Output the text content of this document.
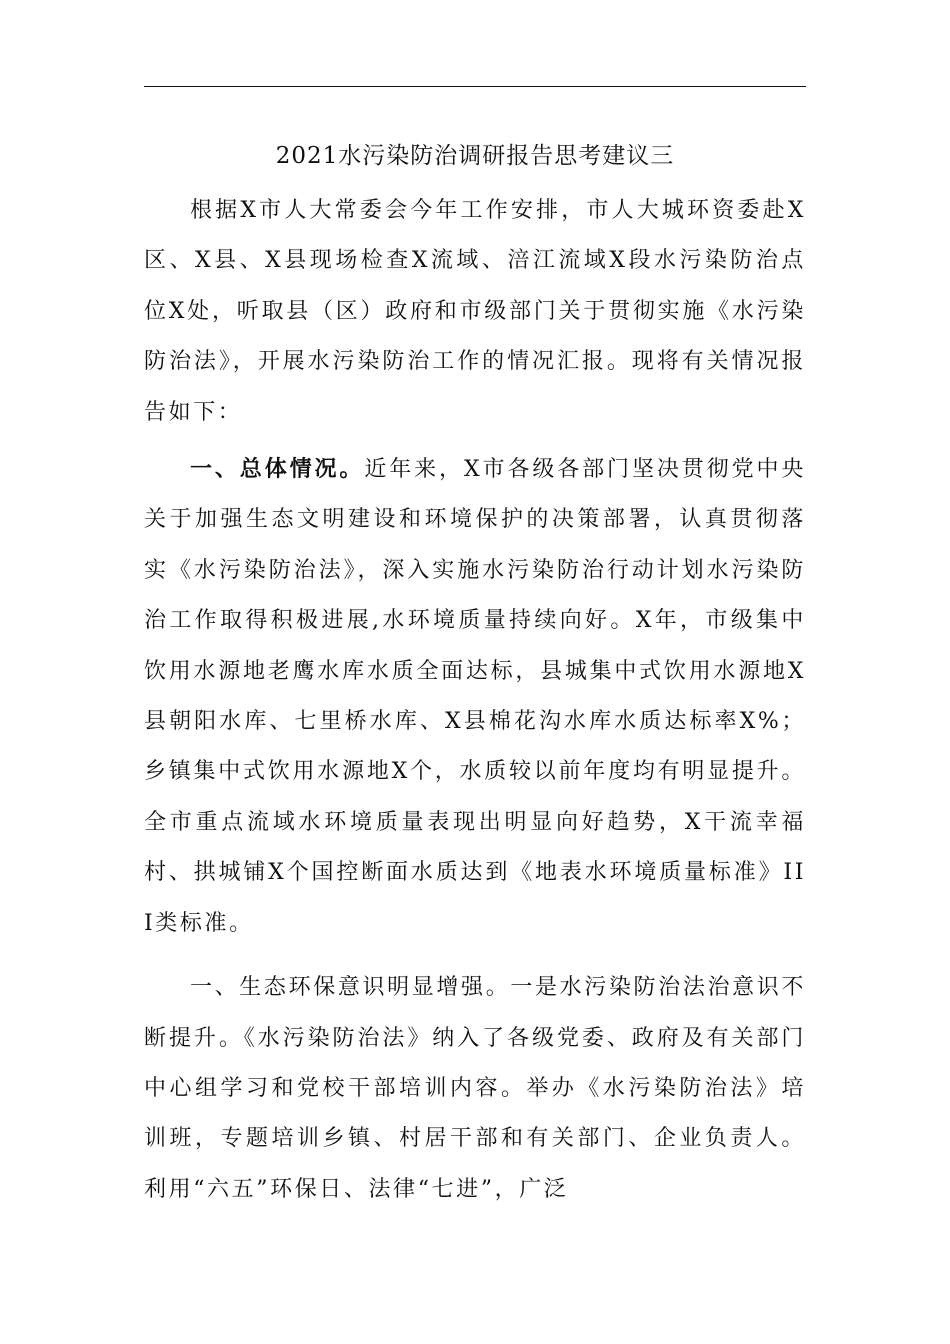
2021水污染防治调研报告思考建议三

根据X市人大常委会今年工作安排，市人大城环资委赴X区、X县、X县现场检查X流域、涪江流域X段水污染防治点位X处，听取县（区）政府和市级部门关于贯彻实施《水污染防治法》，开展水污染防治工作的情况汇报。现将有关情况报告如下：

一、总体情况。近年来，X市各级各部门坚决贯彻党中央关于加强生态文明建设和环境保护的决策部署，认真贯彻落实《水污染防治法》，深入实施水污染防治行动计划水污染防治工作取得积极进展,水环境质量持续向好。X年，市级集中饮用水源地老鹰水库水质全面达标，县城集中式饮用水源地X县朝阳水库、七里桥水库、X县棉花沟水库水质达标率X%；乡镇集中式饮用水源地X个，水质较以前年度均有明显提升。全市重点流域水环境质量表现出明显向好趋势，X干流幸福村、拱城铺X个国控断面水质达到《地表水环境质量标准》III类标准。

一、生态环保意识明显增强。一是水污染防治法治意识不断提升。《水污染防治法》纳入了各级党委、政府及有关部门中心组学习和党校干部培训内容。举办《水污染防治法》培训班，专题培训乡镇、村居干部和有关部门、企业负责人。利用“六五”环保日、法律“七进”，广泛
